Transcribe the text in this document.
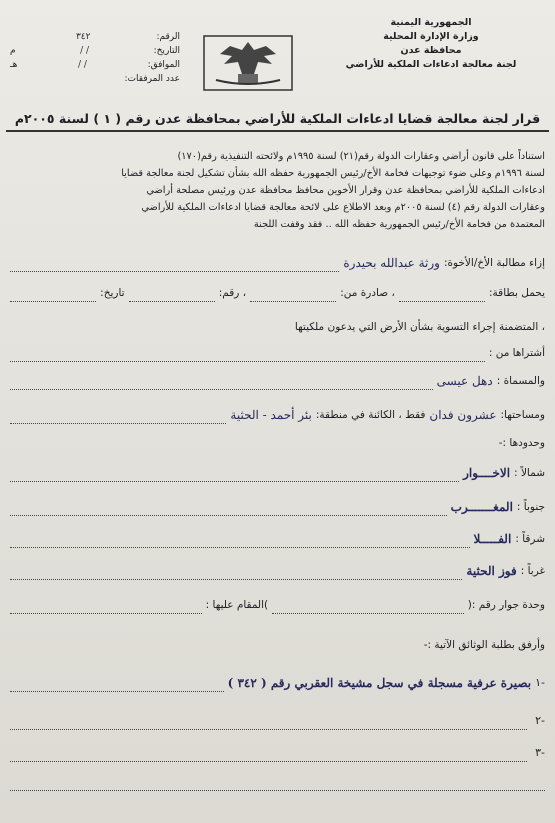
الجمهورية اليمنية
وزارة الإدارة المحلية
محافظة عدن
لجنة معالجة ادعاءات الملكية للأراضي
الرقم:
٣٤٢
التاريخ:
/ /
م
الموافق:
/ /
هـ
عدد المرفقات:
قرار لجنة معالجة قضايا ادعاءات الملكية للأراضي بمحافظة عدن رقم ( ١ ) لسنة ٢٠٠٥م
استناداً على قانون أراضي وعقارات الدولة رقم(٢١) لسنة ١٩٩٥م ولائحته التنفيذية رقم(١٧٠)
لسنة ١٩٩٦م وعلى ضوء توجيهات فخامة الأخ/رئيس الجمهورية حفظه الله بشأن تشكيل لجنة معالجة قضايا
ادعاءات الملكية للأراضي بمحافظة عدن وقرار الأخوين محافظ محافظة عدن ورئيس مصلحة أراضي
وعقارات الدولة رقم (٤) لسنة ٢٠٠٥م وبعد الاطلاع على لائحة معالجة قضايا ادعاءات الملكية للأراضي
المعتمدة من فخامة الأخ/رئيس الجمهورية حفظه الله .. فقد وقفت اللجنة
إزاء مطالبة الأخ/الأخوة:
ورثة عبدالله بحيدرة
يحمل بطاقة:
، صادرة من:
، رقم:
تاريخ:
، المتضمنة إجراء التسوية بشأن الأرض التي يدعون ملكيتها
أشتراها من :
والمسماة :
دهل عيسى
ومساحتها:
عشرون فدان
فقط ، الكائنة في منطقة:
بئر أحمد - الحثية
وحدودها :-
شمالاً :
الاخــــوار
جنوباً :
المغـــــــرب
شرقاً :
الفـــــلا
غرباً :
فوز الحثية
وحدة جوار رقم :(
)المقام عليها :
وأرفق بطلبة الوثائق الآتية :-
-١
بصيرة عرفية مسجلة في سجل مشيخة العقربي رقم ( ٣٤٢ )
-٢
-٣
